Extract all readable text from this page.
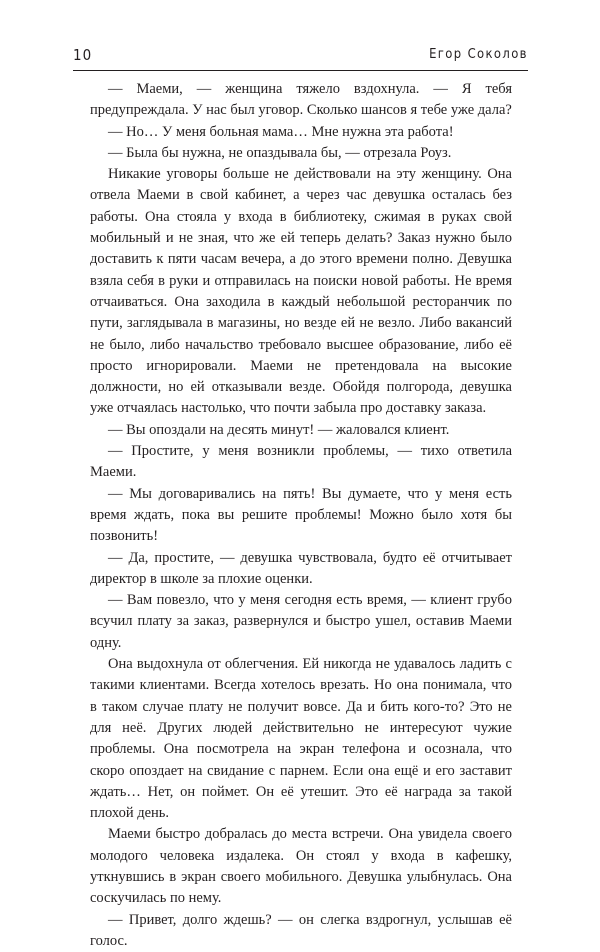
10	Егор Соколов

— Маеми, — женщина тяжело вздохнула. — Я тебя предупреждала. У нас был уговор. Сколько шансов я тебе уже дала?

— Но… У меня больная мама… Мне нужна эта работа!

— Была бы нужна, не опаздывала бы, — отрезала Роуз.

Никакие уговоры больше не действовали на эту женщину. Она отвела Маеми в свой кабинет, а через час девушка осталась без работы. Она стояла у входа в библиотеку, сжимая в руках свой мобильный и не зная, что же ей теперь делать? Заказ нужно было доставить к пяти часам вечера, а до этого времени полно. Девушка взяла себя в руки и отправилась на поиски новой работы. Не время отчаиваться. Она заходила в каждый небольшой ресторанчик по пути, заглядывала в магазины, но везде ей не везло. Либо вакансий не было, либо начальство требовало высшее образование, либо её просто игнорировали. Маеми не претендовала на высокие должности, но ей отказывали везде. Обойдя полгорода, девушка уже отчаялась настолько, что почти забыла про доставку заказа.

— Вы опоздали на десять минут! — жаловался клиент.

— Простите, у меня возникли проблемы, — тихо ответила Маеми.

— Мы договаривались на пять! Вы думаете, что у меня есть время ждать, пока вы решите проблемы! Можно было хотя бы позвонить!

— Да, простите, — девушка чувствовала, будто её отчитывает директор в школе за плохие оценки.

— Вам повезло, что у меня сегодня есть время, — клиент грубо всучил плату за заказ, развернулся и быстро ушел, оставив Маеми одну.

Она выдохнула от облегчения. Ей никогда не удавалось ладить с такими клиентами. Всегда хотелось врезать. Но она понимала, что в таком случае плату не получит вовсе. Да и бить кого-то? Это не для неё. Других людей действительно не интересуют чужие проблемы. Она посмотрела на экран телефона и осознала, что скоро опоздает на свидание с парнем. Если она ещё и его заставит ждать… Нет, он поймет. Он её утешит. Это её награда за такой плохой день.

Маеми быстро добралась до места встречи. Она увидела своего молодого человека издалека. Он стоял у входа в кафешку, уткнувшись в экран своего мобильного. Девушка улыбнулась. Она соскучилась по нему.

— Привет, долго ждешь? — он слегка вздрогнул, услышав её голос.
